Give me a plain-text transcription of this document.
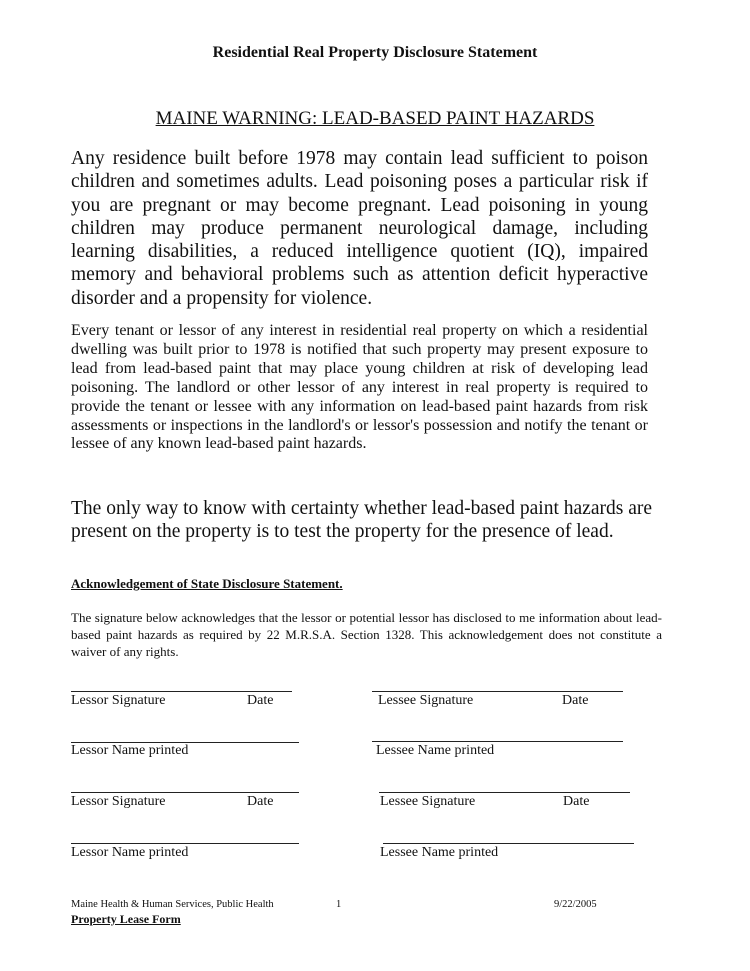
Residential Real Property Disclosure Statement
MAINE WARNING: LEAD-BASED PAINT HAZARDS
Any residence built before 1978 may contain lead sufficient to poison children and sometimes adults. Lead poisoning poses a particular risk if you are pregnant or may become pregnant. Lead poisoning in young children may produce permanent neurological damage, including learning disabilities, a reduced intelligence quotient (IQ), impaired memory and behavioral problems such as attention deficit hyperactive disorder and a propensity for violence.
Every tenant or lessor of any interest in residential real property on which a residential dwelling was built prior to 1978 is notified that such property may present exposure to lead from lead-based paint that may place young children at risk of developing lead poisoning. The landlord or other lessor of any interest in real property is required to provide the tenant or lessee with any information on lead-based paint hazards from risk assessments or inspections in the landlord's or lessor's possession and notify the tenant or lessee of any known lead-based paint hazards.
The only way to know with certainty whether lead-based paint hazards are present on the property is to test the property for the presence of lead.
Acknowledgement of State Disclosure Statement.
The signature below acknowledges that the lessor or potential lessor has disclosed to me information about lead-based paint hazards as required by 22 M.R.S.A. Section 1328. This acknowledgement does not constitute a waiver of any rights.
Lessor Signature	Date	Lessee Signature	Date
Lessor Name printed	Lessee Name printed
Lessor Signature	Date	Lessee Signature	Date
Lessor Name printed	Lessee Name printed
Maine Health & Human Services, Public Health	1	9/22/2005
Property Lease Form
